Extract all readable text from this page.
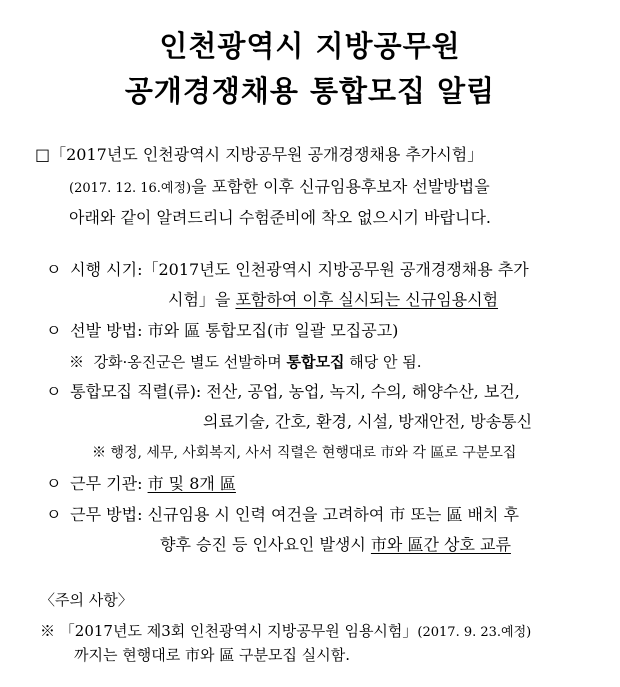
인천광역시 지방공무원
공개경쟁채용 통합모집 알림
□「2017년도 인천광역시 지방공무원 공개경쟁채용 추가시험」
(2017. 12. 16.예정)을 포함한 이후 신규임용후보자 선발방법을
아래와 같이 알려드리니 수험준비에 착오 없으시기 바랍니다.
ㅇ 시행 시기:「2017년도 인천광역시 지방공무원 공개경쟁채용 추가
시험」을 포함하여 이후 실시되는 신규임용시험
ㅇ 선발 방법: 市와 區 통합모집(市 일괄 모집공고)
※ 강화·옹진군은 별도 선발하며 통합모집 해당 안 됨.
ㅇ 통합모집 직렬(류): 전산, 공업, 농업, 녹지, 수의, 해양수산, 보건,
의료기술, 간호, 환경, 시설, 방재안전, 방송통신
※ 행정, 세무, 사회복지, 사서 직렬은 현행대로 市와 각 區로 구분모집
ㅇ 근무 기관: 市 및 8개 區
ㅇ 근무 방법: 신규임용 시 인력 여건을 고려하여 市 또는 區 배치 후
향후 승진 등 인사요인 발생시 市와 區간 상호 교류
〈주의 사항〉
※ 「2017년도 제3회 인천광역시 지방공무원 임용시험」(2017. 9. 23.예정)
까지는 현행대로 市와 區 구분모집 실시함.
